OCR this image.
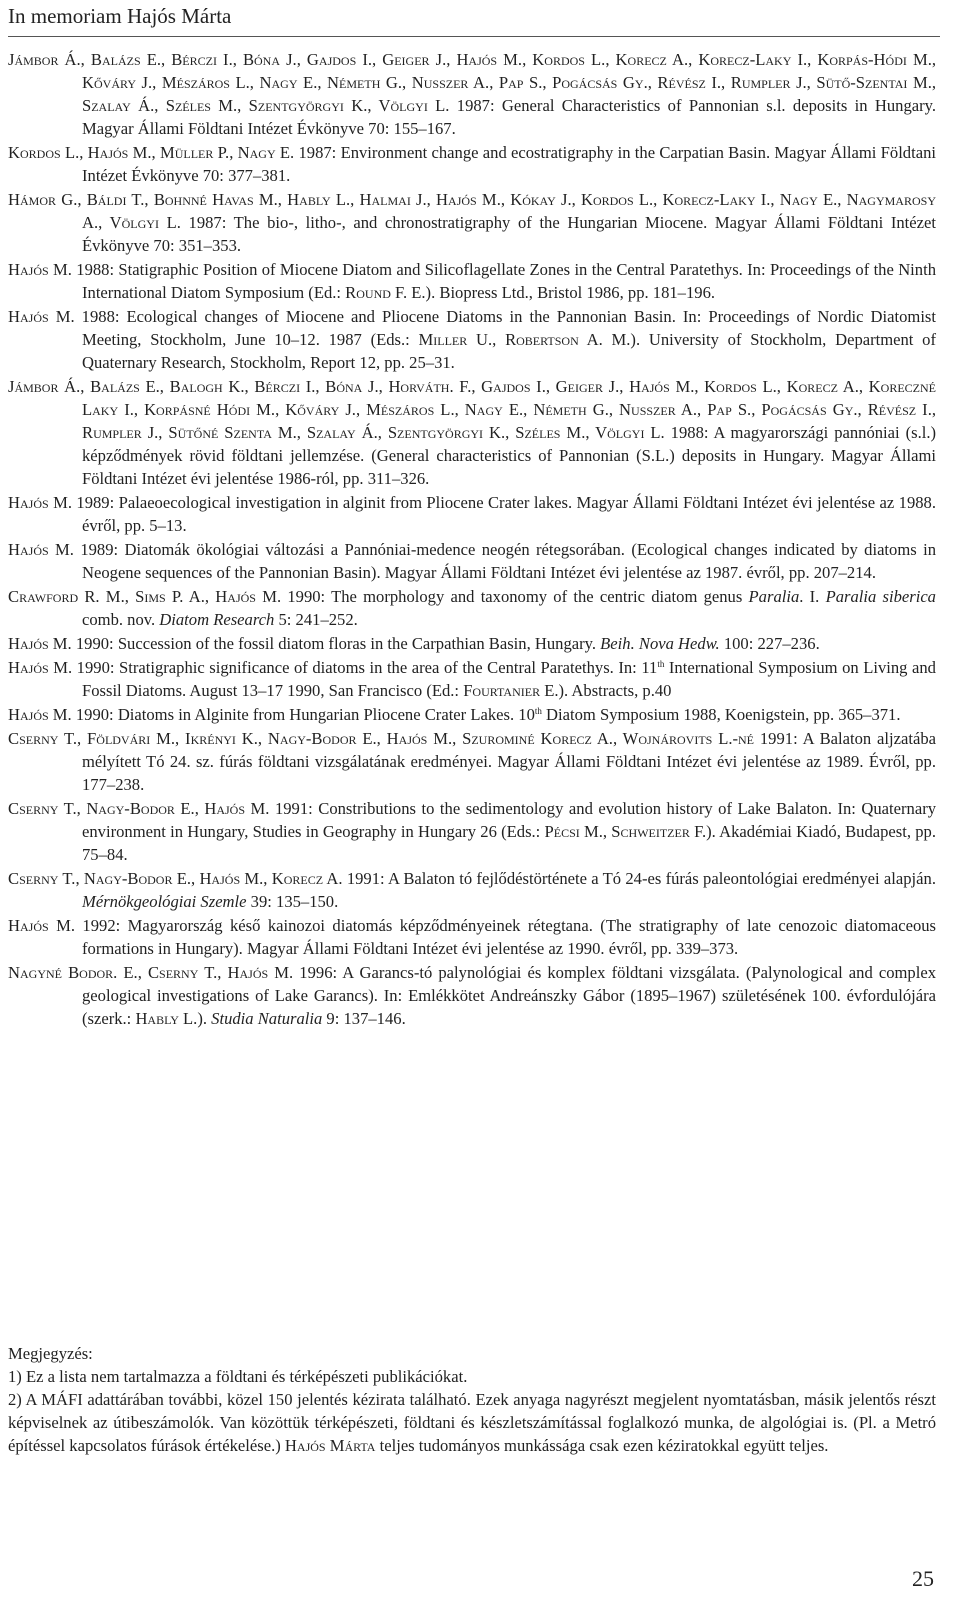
In memoriam Hajós Márta

Jámbor Á., Balázs E., Bérczi I., Bóna J., Gajdos I., Geiger J., Hajós M., Kordos L., Korecz A., Korecz-Laky I., Korpás-Hódi M., Kőváry J., Mészáros L., Nagy E., Németh G., Nusszer A., Pap S., Pogácsás Gy., Révész I., Rumpler J., Sütő-Szentai M., Szalay Á., Széles M., Szentgyörgyi K., Völgyi L. 1987: General Characteristics of Pannonian s.l. deposits in Hungary. Magyar Állami Földtani Intézet Évkönyve 70: 155–167.

Kordos L., Hajós M., Müller P., Nagy E. 1987: Environment change and ecostratigraphy in the Carpatian Basin. Magyar Állami Földtani Intézet Évkönyve 70: 377–381.

Hámor G., Báldi T., Bohnné Havas M., Hably L., Halmai J., Hajós M., Kókay J., Kordos L., Korecz-Laky I., Nagy E., Nagymarosy A., Völgyi L. 1987: The bio-, litho-, and chronostratigraphy of the Hungarian Miocene. Magyar Állami Földtani Intézet Évkönyve 70: 351–353.

Hajós M. 1988: Statigraphic Position of Miocene Diatom and Silicoflagellate Zones in the Central Paratethys. In: Proceedings of the Ninth International Diatom Symposium (Ed.: Round F. E.). Biopress Ltd., Bristol 1986, pp. 181–196.

Hajós M. 1988: Ecological changes of Miocene and Pliocene Diatoms in the Pannonian Basin. In: Proceedings of Nordic Diatomist Meeting, Stockholm, June 10–12. 1987 (Eds.: Miller U., Robertson A. M.). University of Stockholm, Department of Quaternary Research, Stockholm, Report 12, pp. 25–31.

Jámbor Á., Balázs E., Balogh K., Bérczi I., Bóna J., Horváth. F., Gajdos I., Geiger J., Hajós M., Kordos L., Korecz A., Koreczné Laky I., Korpásné Hódi M., Kőváry J., Mészáros L., Nagy E., Németh G., Nusszer A., Pap S., Pogácsás Gy., Révész I., Rumpler J., Sütőné Szenta M., Szalay Á., Szentgyörgyi K., Széles M., Völgyi L. 1988: A magyarországi pannóniai (s.l.) képződmények rövid földtani jellemzése. (General characteristics of Pannonian (S.L.) deposits in Hungary. Magyar Állami Földtani Intézet évi jelentése 1986-ról, pp. 311–326.

Hajós M. 1989: Palaeoecological investigation in alginit from Pliocene Crater lakes. Magyar Állami Földtani Intézet évi jelentése az 1988. évről, pp. 5–13.

Hajós M. 1989: Diatomák ökológiai változási a Pannóniai-medence neogén rétegsorában. (Ecological changes indicated by diatoms in Neogene sequences of the Pannonian Basin). Magyar Állami Földtani Intézet évi jelentése az 1987. évről, pp. 207–214.

Crawford R. M., Sims P. A., Hajós M. 1990: The morphology and taxonomy of the centric diatom genus Paralia. I. Paralia siberica comb. nov. Diatom Research 5: 241–252.

Hajós M. 1990: Succession of the fossil diatom floras in the Carpathian Basin, Hungary. Beih. Nova Hedw. 100: 227–236.

Hajós M. 1990: Stratigraphic significance of diatoms in the area of the Central Paratethys. In: 11th International Symposium on Living and Fossil Diatoms. August 13–17 1990, San Francisco (Ed.: Fourtanier E.). Abstracts, p.40

Hajós M. 1990: Diatoms in Alginite from Hungarian Pliocene Crater Lakes. 10th Diatom Symposium 1988, Koenigstein, pp. 365–371.

Cserny T., Földvári M., Ikrényi K., Nagy-Bodor E., Hajós M., Szurominé Korecz A., Wojnárovits L.-né 1991: A Balaton aljzatába mélyített Tó 24. sz. fúrás földtani vizsgálatának eredményei. Magyar Állami Földtani Intézet évi jelentése az 1989. Évről, pp. 177–238.

Cserny T., Nagy-Bodor E., Hajós M. 1991: Constributions to the sedimentology and evolution history of Lake Balaton. In: Quaternary environment in Hungary, Studies in Geography in Hungary 26 (Eds.: Pécsi M., Schweitzer F.). Akadémiai Kiadó, Budapest, pp. 75–84.

Cserny T., Nagy-Bodor E., Hajós M., Korecz A. 1991: A Balaton tó fejlődéstörténete a Tó 24-es fúrás paleontológiai eredményei alapján. Mérnökgeológiai Szemle 39: 135–150.

Hajós M. 1992: Magyarország késő kainozoi diatomás képződményeinek rétegtana. (The stratigraphy of late cenozoic diatomaceous formations in Hungary). Magyar Állami Földtani Intézet évi jelentése az 1990. évről, pp. 339–373.

Nagyné Bodor. E., Cserny T., Hajós M. 1996: A Garancs-tó palynológiai és komplex földtani vizsgálata. (Palynological and complex geological investigations of Lake Garancs). In: Emlékkötet Andreánszky Gábor (1895–1967) születésének 100. évfordulójára (szerk.: Hably L.). Studia Naturalia 9: 137–146.

Megjegyzés:

1) Ez a lista nem tartalmazza a földtani és térképészeti publikációkat.

2) A MÁFI adattárában további, közel 150 jelentés kézirata található. Ezek anyaga nagyrészt megjelent nyomtatásban, másik jelentős részt képviselnek az útibeszámolók. Van közöttük térképészeti, földtani és készletszámítással foglalkozó munka, de algológiai is. (Pl. a Metró építéssel kapcsolatos fúrások értékelése.) Hajós Márta teljes tudományos munkássága csak ezen kéziratokkal együtt teljes.

25
